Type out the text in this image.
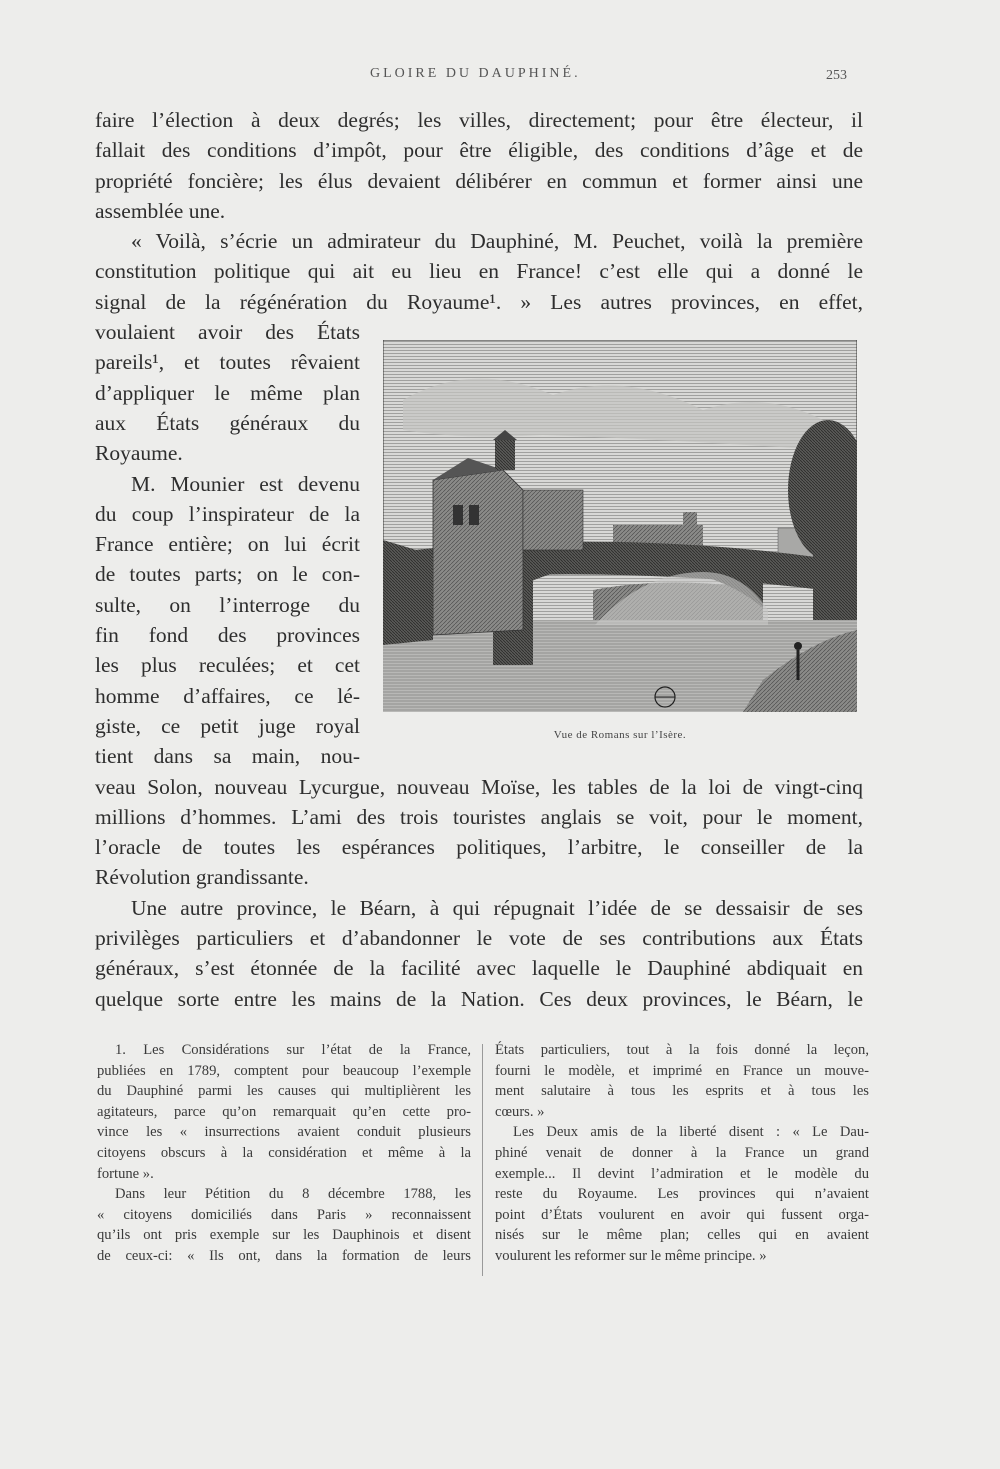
GLOIRE DU DAUPHINÉ.	253
faire l’élection à deux degrés; les villes, directement; pour être électeur, il
fallait des conditions d’impôt, pour être éligible, des conditions d’âge et de
propriété foncière; les élus devaient délibérer en commun et former ainsi une
assemblée une.
« Voilà, s’écrie un admirateur du Dauphiné, M. Peuchet, voilà la première
constitution politique qui ait eu lieu en France! c’est elle qui a donné le
signal de la régénération du Royaume¹. » Les autres provinces, en effet,
voulaient avoir des États
pareils¹, et toutes rêvaient
d’appliquer le même plan
aux États généraux du
Royaume.
M. Mounier est devenu
du coup l’inspirateur de la
France entière; on lui écrit
de toutes parts; on le con-
sulte, on l’interroge du
fin fond des provinces
les plus reculées; et cet
homme d’affaires, ce lé-
giste, ce petit juge royal
tient dans sa main, nou-
veau Solon, nouveau Lycurgue, nouveau Moïse, les tables de la loi de vingt-cinq
millions d’hommes. L’ami des trois touristes anglais se voit, pour le moment,
l’oracle de toutes les espérances politiques, l’arbitre, le conseiller de la
Révolution grandissante.
Une autre province, le Béarn, à qui répugnait l’idée de se dessaisir de ses
privilèges particuliers et d’abandonner le vote de ses contributions aux États
généraux, s’est étonnée de la facilité avec laquelle le Dauphiné abdiquait en
quelque sorte entre les mains de la Nation. Ces deux provinces, le Béarn, le
Vue de Romans sur l’Isère.
1. Les Considérations sur l’état de la France,
publiées en 1789, comptent pour beaucoup l’exemple
du Dauphiné parmi les causes qui multiplièrent les
agitateurs, parce qu’on remarquait qu’en cette pro-
vince les « insurrections avaient conduit plusieurs
citoyens obscurs à la considération et même à la
fortune ».
Dans leur Pétition du 8 décembre 1788, les
« citoyens domiciliés dans Paris » reconnaissent
qu’ils ont pris exemple sur les Dauphinois et disent
de ceux-ci: « Ils ont, dans la formation de leurs
États particuliers, tout à la fois donné la leçon,
fourni le modèle, et imprimé en France un mouve-
ment salutaire à tous les esprits et à tous les
cœurs. »
Les Deux amis de la liberté disent : « Le Dau-
phiné venait de donner à la France un grand
exemple... Il devint l’admiration et le modèle du
reste du Royaume. Les provinces qui n’avaient
point d’États voulurent en avoir qui fussent orga-
nisés sur le même plan; celles qui en avaient
voulurent les reformer sur le même principe. »
